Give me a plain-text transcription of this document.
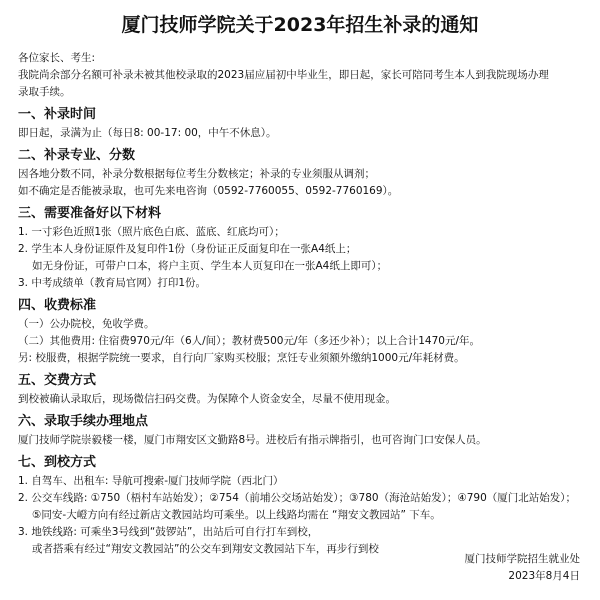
厦门技师学院关于2023年招生补录的通知

各位家长、考生:

我院尚余部分名额可补录未被其他校录取的2023届应届初中毕业生，即日起，家长可陪同考生本人到我院现场办理

录取手续。

一、补录时间

即日起，录满为止（每日8: 00-17: 00，中午不休息）。

二、补录专业、分数

因各地分数不同，补录分数根据每位考生分数核定；补录的专业须服从调剂；

如不确定是否能被录取，也可先来电咨询（0592-7760055、0592-7760169）。

三、需要准备好以下材料

1. 一寸彩色近照1张（照片底色白底、蓝底、红底均可）；

2. 学生本人身份证原件及复印件1份（身份证正反面复印在一张A4纸上；

如无身份证，可带户口本，将户主页、学生本人页复印在一张A4纸上即可）；

3. 中考成绩单（教育局官网）打印1份。

四、收费标准

（一）公办院校，免收学费。

（二）其他费用: 住宿费970元/年（6人/间）；教材费500元/年（多还少补）；以上合计1470元/年。

另: 校服费，根据学院统一要求，自行向厂家购买校服；烹饪专业须额外缴纳1000元/年耗材费。

五、交费方式

到校被确认录取后，现场微信扫码交费。为保障个人资金安全，尽量不使用现金。

六、录取手续办理地点

厦门技师学院崇毅楼一楼，厦门市翔安区文勤路8号。进校后有指示牌指引，也可咨询门口安保人员。

七、到校方式

1. 自驾车、出租车: 导航可搜索-厦门技师学院（西北门）

2. 公交车线路: ①750（梧村车站始发）；②754（前埔公交场站始发）；③780（海沧站始发）；④790（厦门北站始发）；

⑤同安-大嶝方向有经过新店文教园站均可乘坐。以上线路均需在 “翔安文教园站” 下车。

3. 地铁线路: 可乘坐3号线到“鼓锣站”，出站后可自行打车到校，

或者搭乘有经过“翔安文教园站”的公交车到翔安文教园站下车，再步行到校

厦门技师学院招生就业处
2023年8月4日
